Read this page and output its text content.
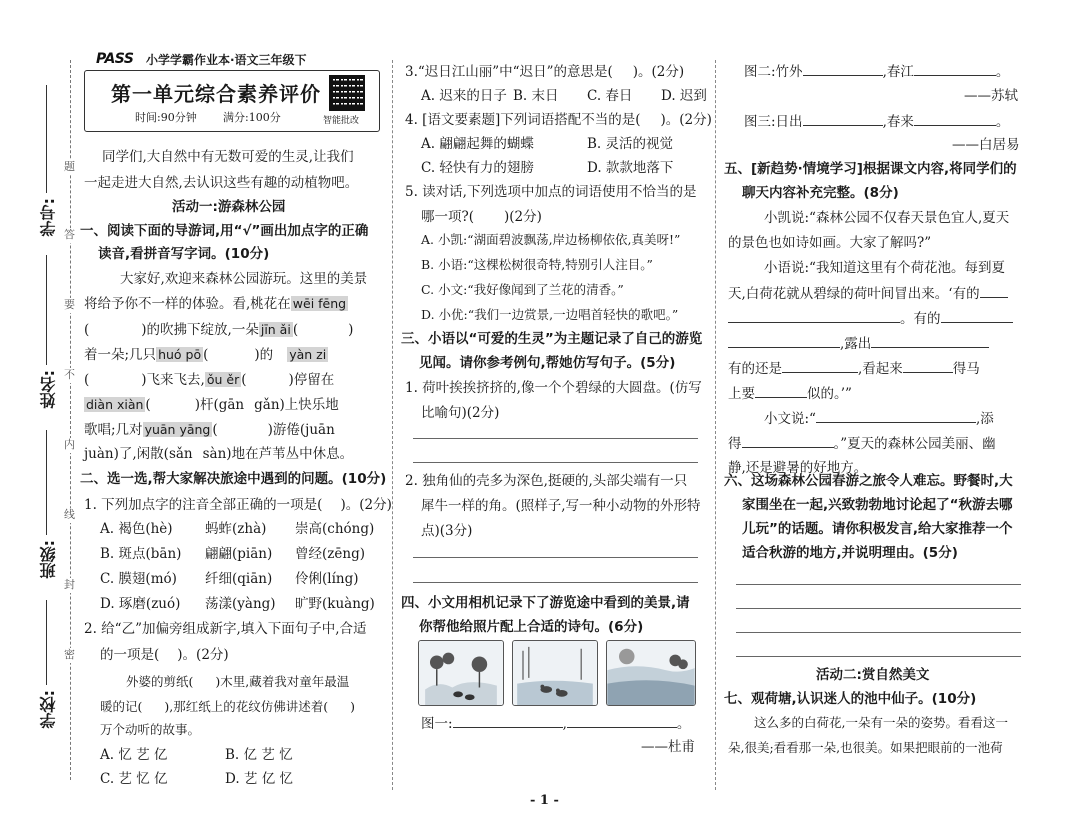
学校:
班级:
姓名:
学号:
题
答
要
不
内
线
封
密
PASS 小学学霸作业本·语文三年级下
第一单元综合素养评价
时间:90分钟 满分:100分	智能批改
同学们,大自然中有无数可爱的生灵,让我们
一起走进大自然,去认识这些有趣的动植物吧。
活动一:游森林公园
一、阅读下面的导游词,用“√”画出加点字的正确
读音,看拼音写字词。(10分)
大家好,欢迎来森林公园游玩。这里的美景
将给予你不一样的体验。看,桃花在 wēi fēng
(	)的吹拂下绽放,一朵 jīn ǎi (	)
着一朵;几只 huó pō (	)的 yàn zi
(	)飞来飞去, ǒu ěr (	)停留在
diàn xiàn (	)杆(gān gǎn)上快乐地
歌唱;几对 yuān yāng (	)游倦(juān
juàn)了,闲散(sǎn sàn)地在芦苇丛中休息。
二、选一选,帮大家解决旅途中遇到的问题。(10分)
1. 下列加点字的注音全部正确的一项是( )。(2分)
A. 褐色(hè) 蚂蚱(zhà) 崇高(chóng)
B. 斑点(bān) 翩翩(piān) 曾经(zēng)
C. 膜翅(mó) 纤细(qiān) 伶俐(líng)
D. 琢磨(zuó) 荡漾(yàng) 旷野(kuàng)
2. 给“乙”加偏旁组成新字,填入下面句子中,合适
的一项是( )。(2分)
外婆的剪纸( )木里,藏着我对童年最温
暖的记( ),那红纸上的花纹仿佛讲述着( )
万个动听的故事。
A. 忆 艺 亿	B. 亿 艺 忆
C. 艺 忆 亿	D. 艺 亿 忆
3.“迟日江山丽”中“迟日”的意思是( )。(2分)
A. 迟来的日子 B. 末日 C. 春日 D. 迟到
4. [语文要素题]下列词语搭配不当的是( )。(2分)
A. 翩翩起舞的蝴蝶	B. 灵活的视觉
C. 轻快有力的翅膀	D. 款款地落下
5. 读对话,下列选项中加点的词语使用不恰当的是
哪一项?( )(2分)
A. 小凯:“湖面碧波飘荡,岸边杨柳依依,真美呀!”
B. 小语:“这棵松树很奇特,特别引人注目。”
C. 小文:“我好像闻到了兰花的清香。”
D. 小优:“我们一边赏景,一边唱首轻快的歌吧。”
三、小语以“可爱的生灵”为主题记录了自己的游览
见闻。请你参考例句,帮她仿写句子。(5分)
1. 荷叶挨挨挤挤的,像一个个碧绿的大圆盘。(仿写
比喻句)(2分)
2. 独角仙的壳多为深色,挺硬的,头部尖端有一只
犀牛一样的角。(照样子,写一种小动物的外形特
点)(3分)
四、小文用相机记录下了游览途中看到的美景,请
你帮他给照片配上合适的诗句。(6分)
图一:	,	。
——杜甫
- 1 -
图二:竹外	,春江	。
——苏轼
图三:日出	,春来	。
——白居易
五、[新趋势·情境学习]根据课文内容,将同学们的
聊天内容补充完整。(8分)
小凯说:“森林公园不仅春天景色宜人,夏天
的景色也如诗如画。大家了解吗?”
小语说:“我知道这里有个荷花池。每到夏
天,白荷花就从碧绿的荷叶间冒出来。‘有的
。有的
,露出
有的还是	,看起来	得马
上要	似的。’”
小文说:“	,添
得	。”夏天的森林公园美丽、幽
静,还是避暑的好地方。
六、这场森林公园春游之旅令人难忘。野餐时,大
家围坐在一起,兴致勃勃地讨论起了“秋游去哪
儿玩”的话题。请你积极发言,给大家推荐一个
适合秋游的地方,并说明理由。(5分)
活动二:赏自然美文
七、观荷塘,认识迷人的池中仙子。(10分)
这么多的白荷花,一朵有一朵的姿势。看看这一
朵,很美;看看那一朵,也很美。如果把眼前的一池荷
